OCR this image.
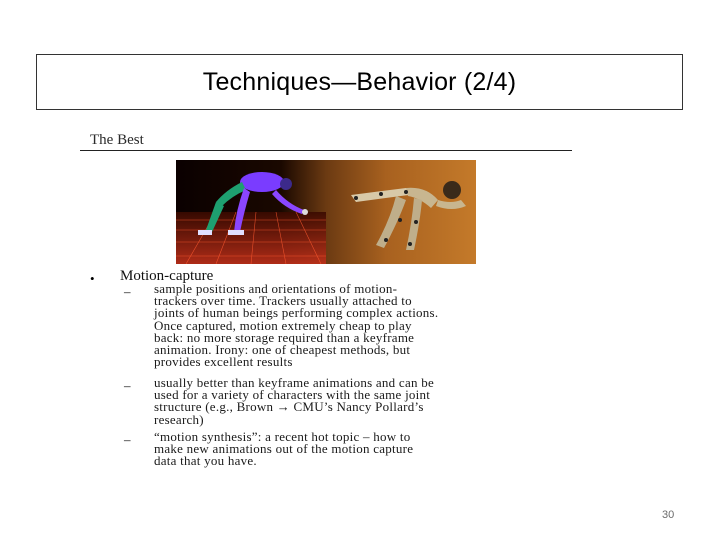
Techniques—Behavior (2/4)
The Best
• Motion-capture
– sample positions and orientations of motion-
trackers over time. Trackers usually attached to
joints of human beings performing complex actions.
Once captured, motion extremely cheap to play
back: no more storage required than a keyframe
animation. Irony: one of cheapest methods, but
provides excellent results
– usually better than keyframe animations and can be
used for a variety of characters with the same joint
structure (e.g., Brown → CMU’s Nancy Pollard’s
research)
– “motion synthesis”: a recent hot topic – how to
make new animations out of the motion capture
data that you have.
30
